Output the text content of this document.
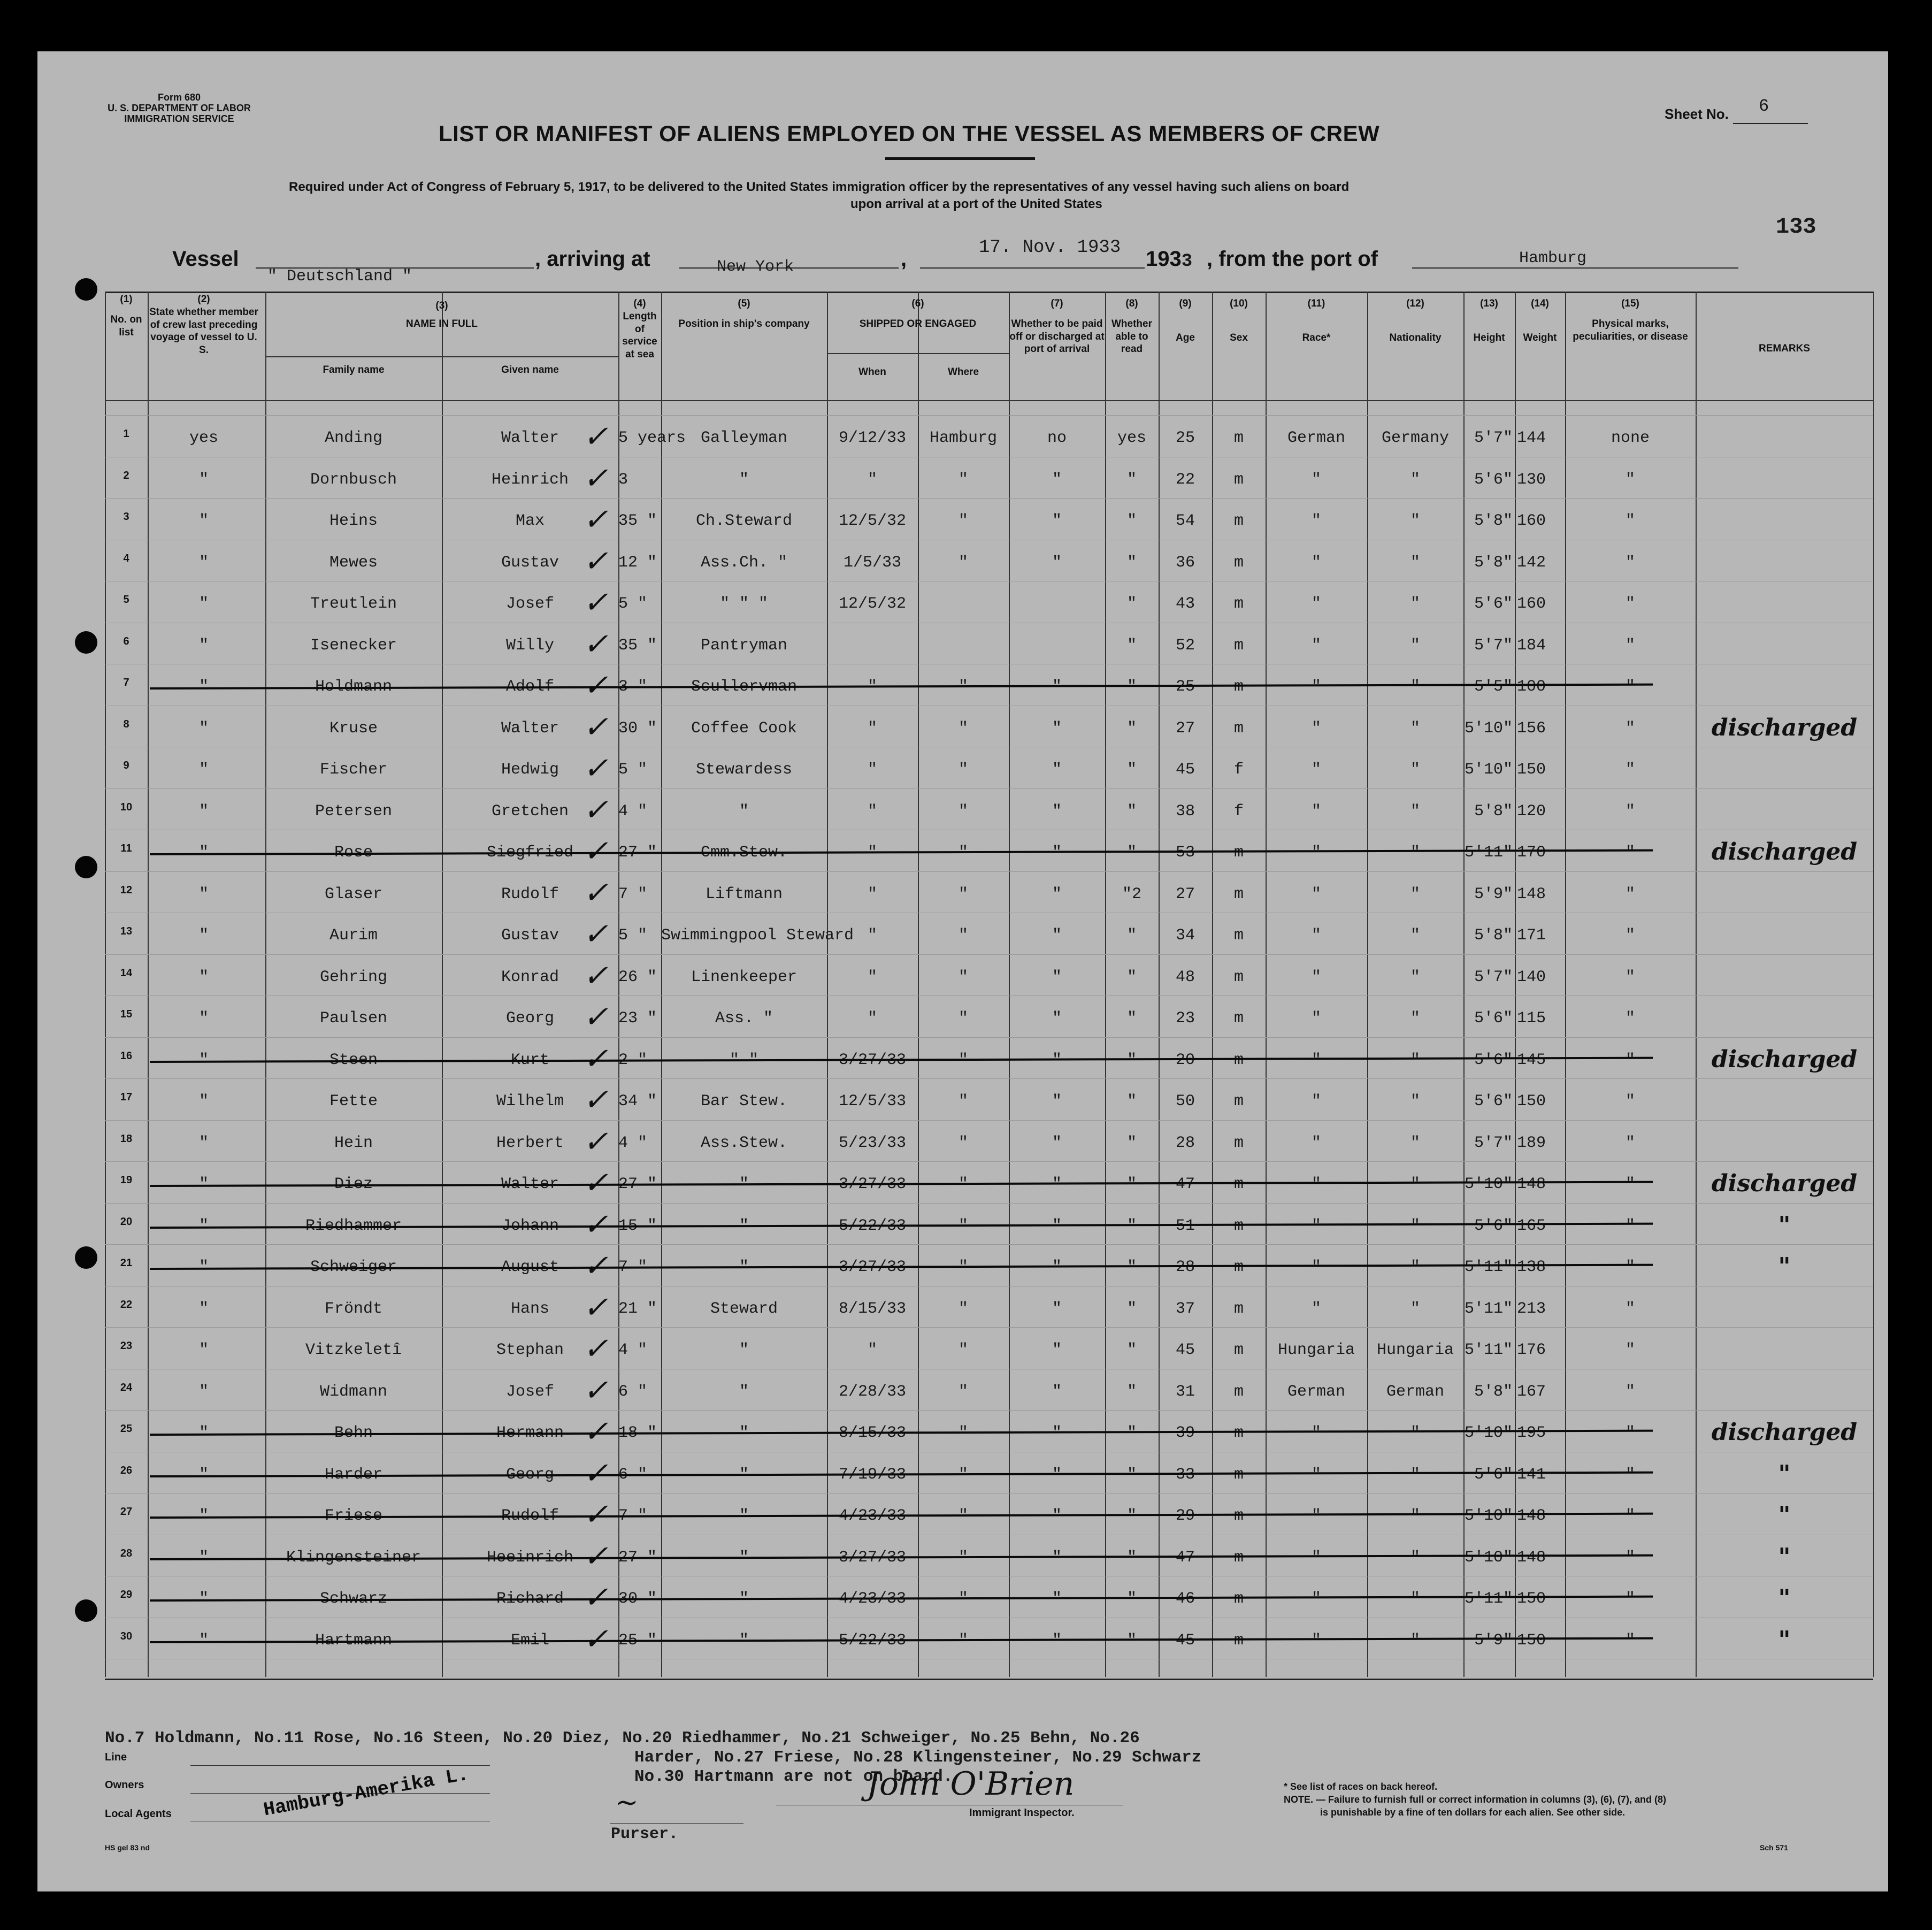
Form 680
U. S. DEPARTMENT OF LABOR
IMMIGRATION SERVICE
LIST OR MANIFEST OF ALIENS EMPLOYED ON THE VESSEL AS MEMBERS OF CREW
Required under Act of Congress of February 5, 1917, to be delivered to the United States immigration officer by the representatives of any vessel having such aliens on board
upon arrival at a port of the United States
Sheet No. 6
133
Vessel
" Deutschland "
, arriving at	New York	,	17. Nov. 1933 1933 , from the port of	Hamburg
(1)
No. on list
(2)
State whether member of crew last preceding voyage of vessel to U. S.
(3)
NAME IN FULL
Family name	Given name
(4)
Length of service at sea
(5)
Position in ship's company
(6)
SHIPPED OR ENGAGED
When	Where
(7)
Whether to be paid off or discharged at port of arrival
(8)
Whether able to read
(9)
Age
(10)
Sex
(11)
Race*
(12)
Nationality
(13)
Height
(14)
Weight
(15)
Physical marks, peculiarities, or disease
REMARKS
1	yes	Anding	Walter	5 years Galleyman	9/12/33	Hamburg	no	yes	25	m	German	Germany	5'7" 144	none
✓
2	"	Dornbusch	Heinrich	3	"	"	"	"	"	22	m	"	"	5'6" 130	"
✓
3	"	Heins	Max	35 "	Ch.Steward	12/5/32	"	"	"	54	m	"	"	5'8" 160	"
✓
4	"	Mewes	Gustav	12 "	Ass.Ch. "	1/5/33	"	"	"	36	m	"	"	5'8" 142	"
✓
5	"	Treutlein	Josef	5 "	" " "	12/5/32	"	43	m	"	"	5'6" 160	"
✓
6	"	Isenecker	Willy	35 "	Pantryman	"	52	m	"	"	5'7" 184	"
✓
7	"	Holdmann	Adolf	3 "	Scullervman	"	"	"	"	25	m	"	"	5'5" 100	"
✓
8	"	Kruse	Walter	30 "	Coffee Cook	"	"	"	"	27	m	"	"	5'10" 156	"	discharged
✓
9	"	Fischer	Hedwig	5 "	Stewardess	"	"	"	"	45	f	"	"	5'10" 150	"
✓
10	"	Petersen	Gretchen	4 "	"	"	"	"	"	38	f	"	"	5'8" 120	"
✓
11	"	Rose	Siegfried	27 "	Cmm.Stew.	"	"	"	"	53	m	"	"	5'11" 170	"	discharged
✓
12	"	Glaser	Rudolf	7 "	Liftmann	"	"	"	"2	27	m	"	"	5'9" 148	"
✓
13	"	Aurim	Gustav	5 " Swimmingpool Steward "	"	"	"	34	m	"	"	5'8" 171	"
✓
14	"	Gehring	Konrad	26 "	Linenkeeper	"	"	"	"	48	m	"	"	5'7" 140	"
✓
15	"	Paulsen	Georg	23 "	Ass. "	"	"	"	"	23	m	"	"	5'6" 115	"
✓
16	"	Steen	Kurt	2 "	" "	3/27/33	"	"	"	20	m	"	"	5'6" 145	"	discharged
✓
17	"	Fette	Wilhelm	34 "	Bar Stew.	12/5/33	"	"	"	50	m	"	"	5'6" 150	"
✓
18	"	Hein	Herbert	4 "	Ass.Stew.	5/23/33	"	"	"	28	m	"	"	5'7" 189	"
✓
19	"	Diez	Walter	27 "	"	3/27/33	"	"	"	47	m	"	"	5'10" 148	"	discharged
✓
20	"	Riedhammer	Johann	15 "	"	5/22/33	"	"	"	51	m	"	"	5'6" 165	"	"
✓
21	"	Schweiger	August	7 "	"	3/27/33	"	"	"	28	m	"	"	5'11" 138	"	"
✓
22	"	Fröndt	Hans	21 "	Steward	8/15/33	"	"	"	37	m	"	"	5'11" 213	"
✓
23	"	Vitzkeletî	Stephan	4 "	"	"	"	"	"	45	m	Hungaria	Hungaria 5'11" 176	"
✓
24	"	Widmann	Josef	6 "	"	2/28/33	"	"	"	31	m	German	German	5'8" 167	"
✓
25	"	Behn	Hermann	18 "	"	8/15/33	"	"	"	39	m	"	"	5'10" 195	"	discharged
✓
26	"	Harder	Georg	6 "	"	7/19/33	"	"	"	33	m	"	"	5'6" 141	"	"
✓
27	"	Friese	Rudolf	7 "	"	4/23/33	"	"	"	29	m	"	"	5'10" 148	"	"
✓
28	"	Klingensteiner	Heeinrich	27 "	"	3/27/33	"	"	"	47	m	"	"	5'10" 148	"	"
✓
29	"	Schwarz	Richard	30 "	"	4/23/33	"	"	"	46	m	"	"	5'11" 150	"	"
✓
30	"	Hartmann	Emil	25 "	"	5/22/33	"	"	"	45	m	"	"	5'9" 150	"	"
✓
No.7 Holdmann, No.11 Rose, No.16 Steen, No.20 Diez, No.20 Riedhammer, No.21 Schweiger, No.25 Behn, No.26
Harder, No.27 Friese, No.28 Klingensteiner, No.29 Schwarz
No.30 Hartmann are not on board.
Line
Owners
Local Agents	Hamburg-Amerika L.	~
Purser.
John O'Brien
Immigrant Inspector.
* See list of races on back hereof.
NOTE. — Failure to furnish full or correct information in columns (3), (6), (7), and (8)
is punishable by a fine of ten dollars for each alien. See other side.
HS gel 83 nd	Sch 571
